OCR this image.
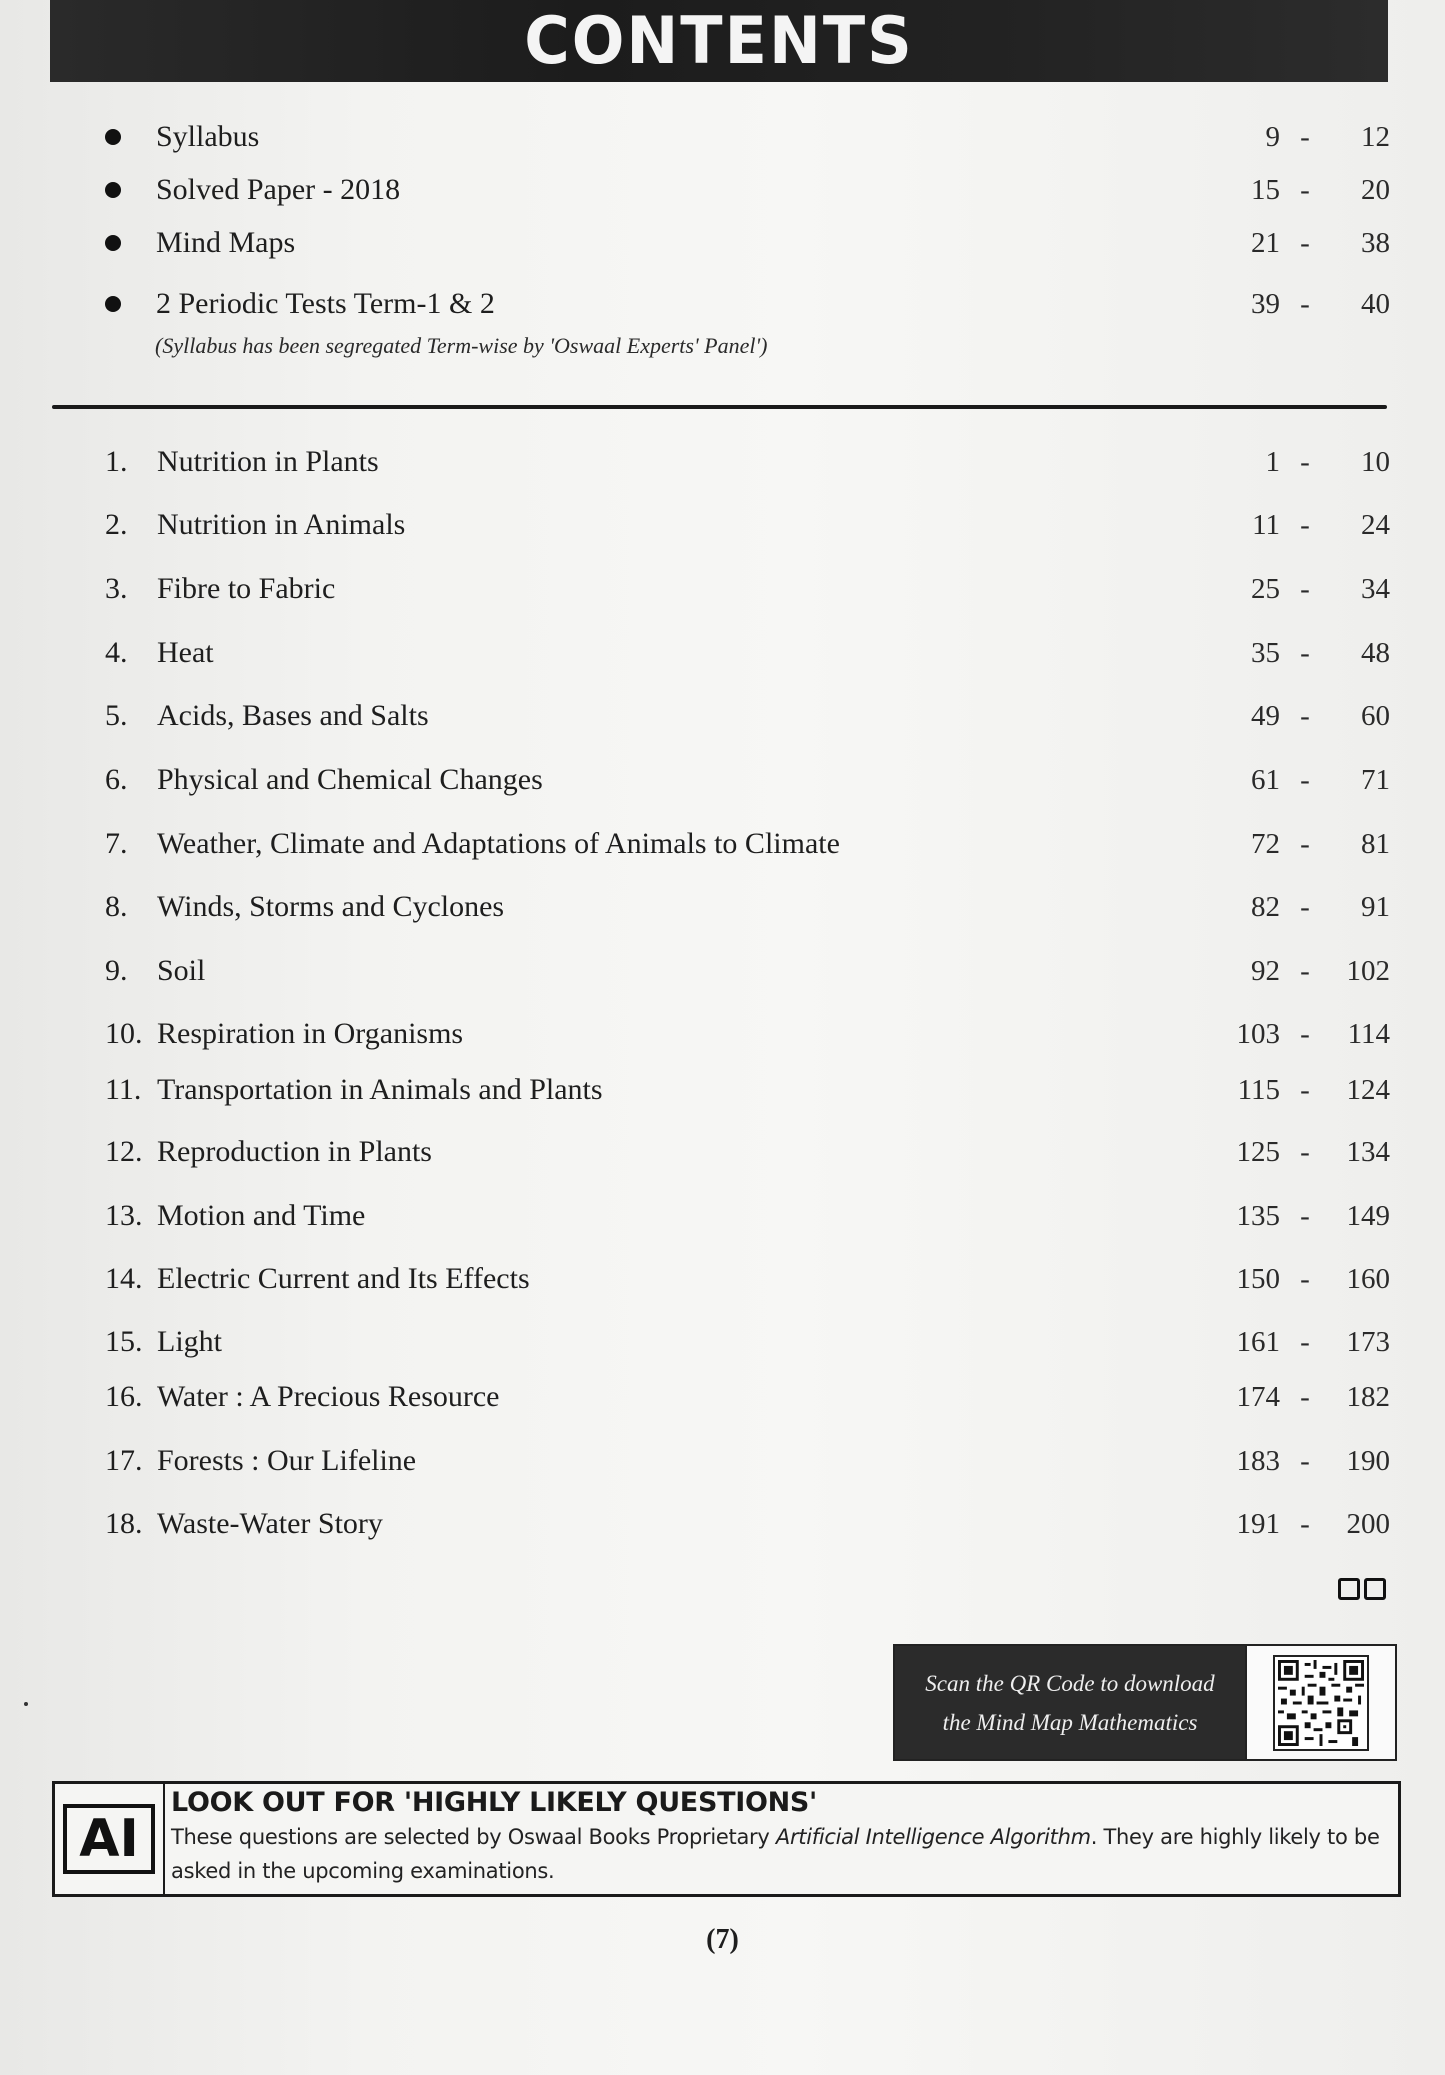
CONTENTS
Syllabus	9 -	12
Solved Paper - 2018	15 -	20
Mind Maps	21 -	38
2 Periodic Tests Term-1 & 2	39 -	40
(Syllabus has been segregated Term-wise by 'Oswaal Experts' Panel')
1. Nutrition in Plants	1 -	10
2. Nutrition in Animals	11 -	24
3. Fibre to Fabric	25 -	34
4. Heat	35 -	48
5. Acids, Bases and Salts	49 -	60
6. Physical and Chemical Changes	61 -	71
7. Weather, Climate and Adaptations of Animals to Climate	72 -	81
8. Winds, Storms and Cyclones	82 -	91
9. Soil	92 -	102
10. Respiration in Organisms	103 -	114
11. Transportation in Animals and Plants	115 -	124
12. Reproduction in Plants	125 -	134
13. Motion and Time	135 -	149
14. Electric Current and Its Effects	150 -	160
15. Light	161 -	173
16. Water : A Precious Resource	174 -	182
17. Forests : Our Lifeline	183 -	190
18. Waste-Water Story	191 -	200
Scan the QR Code to download
the Mind Map Mathematics
AI
LOOK OUT FOR 'HIGHLY LIKELY QUESTIONS'
These questions are selected by Oswaal Books Proprietary Artificial Intelligence Algorithm. They are highly likely to be asked in the upcoming examinations.
(7)
